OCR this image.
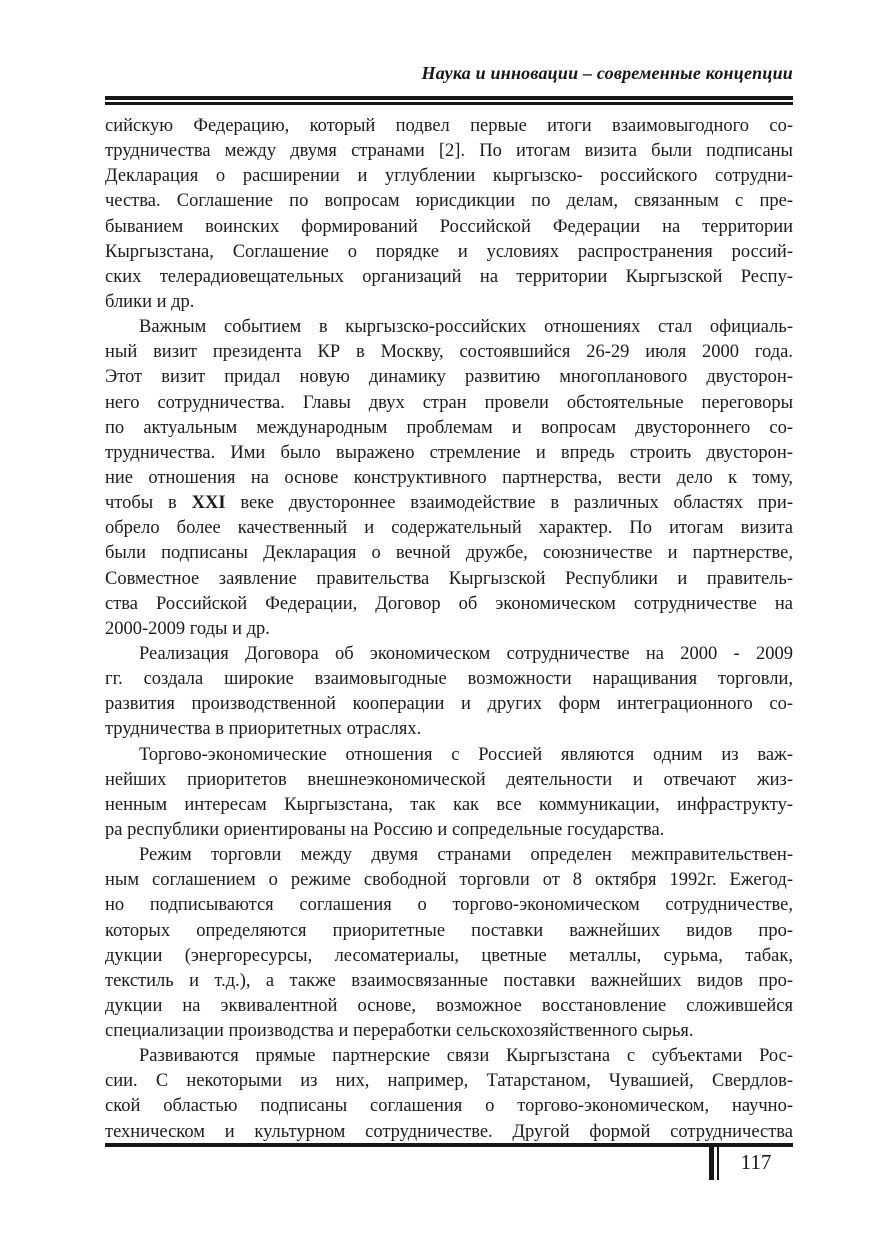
Наука и инновации – современные концепции
сийскую Федерацию, который подвел первые итоги взаимовыгодного со-
трудничества между двумя странами [2]. По итогам визита были подписаны
Декларация о расширении и углублении кыргызско- российского сотрудни-
чества. Соглашение по вопросам юрисдикции по делам, связанным с пре-
быванием воинских формирований Российской Федерации на территории
Кыргызстана, Соглашение о порядке и условиях распространения россий-
ских телерадиовещательных организаций на территории Кыргызской Респу-
блики и др.
Важным событием в кыргызско-российских отношениях стал официаль-
ный визит президента КР в Москву, состоявшийся 26-29 июля 2000 года.
Этот визит придал новую динамику развитию многопланового двусторон-
него сотрудничества. Главы двух стран провели обстоятельные переговоры
по актуальным международным проблемам и вопросам двустороннего со-
трудничества. Ими было выражено стремление и впредь строить двусторон-
ние отношения на основе конструктивного партнерства, вести дело к тому,
чтобы в XXI веке двустороннее взаимодействие в различных областях при-
обрело более качественный и содержательный характер. По итогам визита
были подписаны Декларация о вечной дружбе, союзничестве и партнерстве,
Совместное заявление правительства Кыргызской Республики и правитель-
ства Российской Федерации, Договор об экономическом сотрудничестве на
2000-2009 годы и др.
Реализация Договора об экономическом сотрудничестве на 2000 - 2009
гг. создала широкие взаимовыгодные возможности наращивания торговли,
развития производственной кооперации и других форм интеграционного со-
трудничества в приоритетных отраслях.
Торгово-экономические отношения с Россией являются одним из важ-
нейших приоритетов внешнеэкономической деятельности и отвечают жиз-
ненным интересам Кыргызстана, так как все коммуникации, инфраструкту-
ра республики ориентированы на Россию и сопредельные государства.
Режим торговли между двумя странами определен межправительствен-
ным соглашением о режиме свободной торговли от 8 октября 1992г. Ежегод-
но подписываются соглашения о торгово-экономическом сотрудничестве,
которых определяются приоритетные поставки важнейших видов про-
дукции (энергоресурсы, лесоматериалы, цветные металлы, сурьма, табак,
текстиль и т.д.), а также взаимосвязанные поставки важнейших видов про-
дукции на эквивалентной основе, возможное восстановление сложившейся
специализации производства и переработки сельскохозяйственного сырья.
Развиваются прямые партнерские связи Кыргызстана с субъектами Рос-
сии. С некоторыми из них, например, Татарстаном, Чувашией, Свердлов-
ской областью подписаны соглашения о торгово-экономическом, научно-
техническом и культурном сотрудничестве. Другой формой сотрудничества
117
